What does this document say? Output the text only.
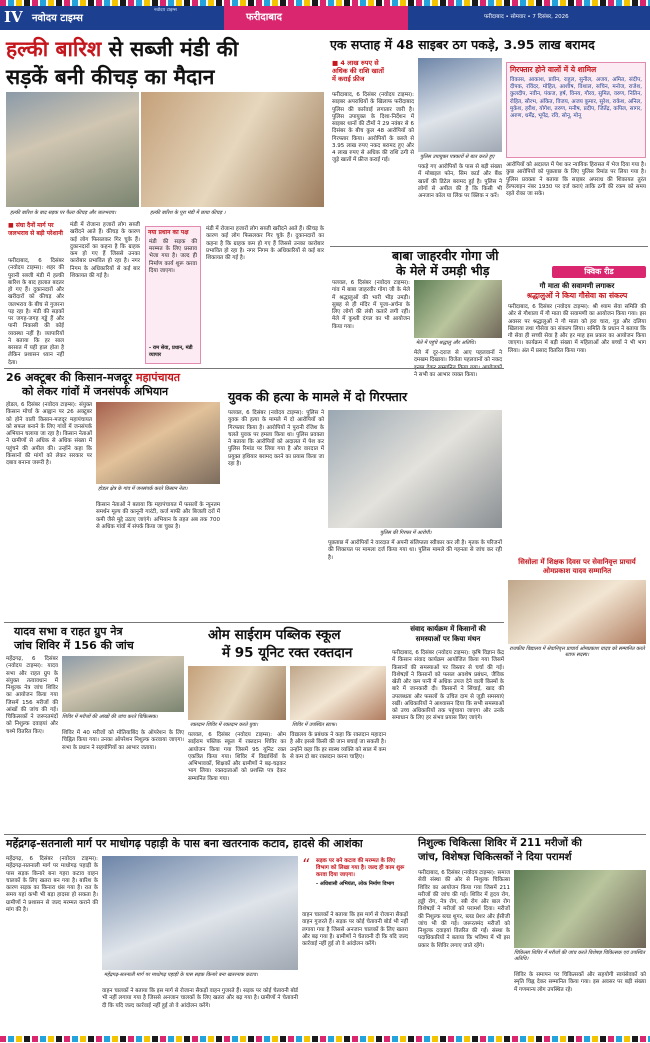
IV नवोदय टाइम्स
नवोदय टाइम्स
फरीदाबाद	फरीदाबाद • सोमवार • 7 दिसंबर, 2026
हल्की बारिश से सब्जी मंडी की
सड़कें बनी कीचड़ का मैदान
हल्की बारिश के बाद सड़क पर फैला कीचड़ और जलभराव।	हल्की बारिश के पूरा मंडी में छाया कीचड़ ।
■ संघा दैनों मार्ग पर जलभराव से बड़ी परेशानी
फरीदाबाद, 6 दिसंबर (नवोदय टाइम्स): शहर की पुरानी सब्जी मंडी में हल्की बारिश के बाद हालात बदतर हो गए हैं। दुकानदारों और खरीदारों को कीचड़ और जलभराव के बीच से गुजरना पड़ रहा है। मंडी की सड़कों पर जगह-जगह गड्ढे हैं और पानी निकासी की कोई व्यवस्था नहीं है। व्यापारियों ने बताया कि हर साल बरसात में यही हाल होता है लेकिन प्रशासन ध्यान नहीं देता।
मंडी में रोजाना हजारों लोग सब्जी खरीदने आते हैं। कीचड़ के कारण कई लोग फिसलकर गिर चुके हैं। दुकानदारों का कहना है कि ग्राहक कम हो गए हैं जिससे उनका कारोबार प्रभावित हो रहा है। नगर निगम के अधिकारियों से कई बार शिकायत की गई है।
नया प्रधान का पक्ष
मंडी की सड़क की मरम्मत के लिए प्रस्ताव भेजा गया है। जल्द ही निर्माण कार्य शुरू करवा दिया जाएगा।
- राम सेवा, प्रधान, मंडी व्यापार
मंडी में रोजाना हजारों लोग सब्जी खरीदने आते हैं। कीचड़ के कारण कई लोग फिसलकर गिर चुके हैं। दुकानदारों का कहना है कि ग्राहक कम हो गए हैं जिससे उनका कारोबार प्रभावित हो रहा है। नगर निगम के अधिकारियों से कई बार शिकायत की गई है।
एक सप्ताह में 48 साइबर ठग पकड़े, 3.95 लाख बरामद
■ 4 लाख रुपए से
अधिक की राशि खातों
में कराई फ्रीज
फरीदाबाद, 6 दिसंबर (नवोदय टाइम्स): साइबर अपराधियों के खिलाफ फरीदाबाद पुलिस की कार्रवाई लगातार जारी है। पुलिस उपायुक्त के दिशा-निर्देशन में साइबर थानों की टीमों ने 29 नवंबर से 6 दिसंबर के बीच कुल 48 आरोपियों को गिरफ्तार किया। आरोपियों के कब्जे से 3.95 लाख रुपए नकद बरामद हुए और 4 लाख रुपए से अधिक की राशि ठगी से जुड़े खातों में फ्रीज कराई गई।
पुलिस उपायुक्त पत्रकारों से बात करते हुए
पकड़े गए आरोपियों के पास से बड़ी संख्या में मोबाइल फोन, सिम कार्ड और बैंक खातों की डिटेल बरामद हुई है। पुलिस ने लोगों से अपील की है कि किसी भी अनजान कॉल या लिंक पर क्लिक न करें।
गिरफ्तार होने वालों में ये शामिल
विकास, आकाश, प्रवीन, राहुल, सुनील, अजय, अमित, संदीप, दीपक, रविंदर, मोहित, आशीष, विशाल, सचिन, मनोज, राजेश, कुलदीप, नवीन, पंकज, हर्ष, विनय, गौरव, सुमित, वरुण, नितिन, रोहित, सौरभ, अंकित, विजय, अजय कुमार, सुरेश, राकेश, अनिल, मुकेश, हरीश, योगेश, तरुण, मनीष, प्रदीप, जितेंद्र, कपिल, सागर, अरुण, धर्मेंद्र, भूपेंद्र, रवि, सोनू, मोनू
आरोपियों को अदालत में पेश कर न्यायिक हिरासत में भेज दिया गया है। कुछ आरोपियों को पूछताछ के लिए पुलिस रिमांड पर लिया गया है। पुलिस प्रवक्ता ने बताया कि साइबर अपराध की शिकायत तुरंत हेल्पलाइन नंबर 1930 पर दर्ज कराएं ताकि ठगी की रकम को समय रहते रोका जा सके।
बाबा जाहरवीर गोगा जी
के मेले में उमड़ी भीड़
पलवल, 6 दिसंबर (नवोदय टाइम्स): गांव में बाबा जाहरवीर गोगा जी के मेले में श्रद्धालुओं की भारी भीड़ उमड़ी। सुबह से ही मंदिर में पूजा-अर्चना के लिए लोगों की लंबी कतारें लगी रहीं। मेले में कुश्ती दंगल का भी आयोजन किया गया।
मेले में पहुंचे श्रद्धालु और अतिथि।
मेले में दूर-दराज से आए पहलवानों ने दमखम दिखाया। विजेता पहलवानों को नकद ने सभी का आभार व्यक्त किया।
क्विक रीड
गौ माता की सवामणी लगाकर
श्रद्धालुओं ने किया गौसेवा का संकल्प
फरीदाबाद, 6 दिसंबर (नवोदय टाइम्स): श्री श्याम सेवा समिति की ओर से गौशाला में गौ माता की सवामणी का आयोजन किया गया। इस अवसर पर श्रद्धालुओं ने गौ माता को हरा चारा, गुड़ और दलिया खिलाया तथा गौसेवा का संकल्प लिया। समिति के प्रधान ने बताया कि गौ सेवा ही सच्ची सेवा है और हर माह इस प्रकार का आयोजन किया जाएगा। कार्यक्रम में बड़ी संख्या में महिलाओं और बच्चों ने भी भाग लिया। अंत में प्रसाद वितरित किया गया।
सिसोला में शिक्षक दिवस पर सेवानिवृत्त प्राचार्य ओमप्रकाश यादव सम्मानित
राजकीय विद्यालय में सेवानिवृत्त प्राचार्य ओमप्रकाश यादव को सम्मानित करते स्टाफ सदस्य।
26 अक्टूबर की किसान-मजदूर महापंचायत
को लेकर गांवों में जनसंपर्क अभियान
होडल, 6 दिसंबर (नवोदय टाइम्स): संयुक्त किसान मोर्चा के आह्वान पर 26 अक्टूबर को होने वाली किसान-मजदूर महापंचायत को सफल बनाने के लिए गांवों में जनसंपर्क अभियान चलाया जा रहा है। किसान नेताओं ने ग्रामीणों से अधिक से अधिक संख्या में पहुंचने की अपील की। उन्होंने कहा कि किसानों की मांगों को लेकर सरकार पर दबाव बनाना जरूरी है।
होडल क्षेत्र के गांव में जनसंपर्क करते किसान नेता।
किसान नेताओं ने बताया कि महापंचायत में फसलों के न्यूनतम समर्थन मूल्य की कानूनी गारंटी, कर्ज माफी और बिजली दरों में कमी जैसे मुद्दे उठाए जाएंगे। अभियान के तहत अब तक 700 से अधिक गांवों में संपर्क किया जा चुका है।
युवक की हत्या के मामले में दो गिरफ्तार
पलवल, 6 दिसंबर (नवोदय टाइम्स): पुलिस ने युवक की हत्या के मामले में दो आरोपियों को गिरफ्तार किया है। आरोपियों ने पुरानी रंजिश के चलते युवक पर हमला किया था। पुलिस प्रवक्ता ने बताया कि आरोपियों को अदालत में पेश कर पुलिस रिमांड पर लिया गया है और वारदात में प्रयुक्त हथियार बरामद करने का प्रयास किया जा रहा है।
पुलिस की गिरफ्त में आरोपी।
पूछताछ में आरोपियों ने वारदात में अपनी संलिप्तता स्वीकार कर ली है। मृतक के परिजनों की शिकायत पर मामला दर्ज किया गया था। पुलिस मामले की गहनता से जांच कर रही है।
यादव सभा व राहत ग्रुप नेत्र
जांच शिविर में 156 की जांच
महेंद्रगढ़, 6 दिसंबर (नवोदय टाइम्स): यादव सभा और राहत ग्रुप के संयुक्त तत्वावधान में निशुल्क नेत्र जांच शिविर का आयोजन किया गया जिसमें 156 मरीजों की आंखों की जांच की गई। चिकित्सकों ने जरूरतमंदों को निशुल्क दवाइयां और चश्मे वितरित किए।
शिविर में मरीजों की आंखों की जांच करते चिकित्सक।
शिविर में 40 मरीजों को मोतियाबिंद के ऑपरेशन के लिए चिह्नित किया गया। उनका ऑपरेशन निशुल्क करवाया जाएगा। सभा के प्रधान ने सहयोगियों का आभार जताया।
ओम साईराम पब्लिक स्कूल
में 95 यूनिट रक्त रक्तदान
रक्तदान शिविर में रक्तदान करते युवा।	शिविर में उपस्थित स्टाफ।
पलवल, 6 दिसंबर (नवोदय टाइम्स): ओम साईराम पब्लिक स्कूल में रक्तदान शिविर का आयोजन किया गया जिसमें 95 यूनिट रक्त एकत्रित किया गया। शिविर में विद्यार्थियों के अभिभावकों, शिक्षकों और ग्रामीणों ने बढ़-चढ़कर भाग लिया। रक्तदाताओं को प्रशस्ति पत्र देकर सम्मानित किया गया।
विद्यालय के प्रबंधक ने कहा कि रक्तदान महादान है और इससे किसी की जान बचाई जा सकती है। उन्होंने कहा कि हर स्वस्थ व्यक्ति को साल में कम से कम दो बार रक्तदान करना चाहिए।
संवाद कार्यक्रम में किसानों की
समस्याओं पर किया मंथन
फरीदाबाद, 6 दिसंबर (नवोदय टाइम्स): कृषि विज्ञान केंद्र में किसान संवाद कार्यक्रम आयोजित किया गया जिसमें किसानों की समस्याओं पर विस्तार से चर्चा की गई। विशेषज्ञों ने किसानों को फसल अवशेष प्रबंधन, जैविक खेती और कम पानी में अधिक उपज देने वाली किस्मों के बारे में जानकारी दी। किसानों ने सिंचाई, खाद की उपलब्धता और फसलों के उचित दाम से जुड़ी समस्याएं रखीं। अधिकारियों ने आश्वासन दिया कि सभी समस्याओं को उच्च अधिकारियों तक पहुंचाया जाएगा और उनके समाधान के लिए हर संभव प्रयास किए जाएंगे।
महेंद्रगढ़-सतनाली मार्ग पर माधोगढ़ पहाड़ी के पास बना खतरनाक कटाव, हादसे की आशंका
महेंद्रगढ़, 6 दिसंबर (नवोदय टाइम्स): महेंद्रगढ़-सतनाली मार्ग पर माधोगढ़ पहाड़ी के पास सड़क किनारे बना गहरा कटाव वाहन चालकों के लिए खतरा बन गया है। बारिश के कारण सड़क का किनारा धंस गया है। रात के समय यहां कभी भी बड़ा हादसा हो सकता है। ग्रामीणों ने प्रशासन से जल्द मरम्मत कराने की मांग की है।
महेंद्रगढ़-सतनाली मार्ग पर माधोगढ़ पहाड़ी के पास सड़क किनारे बना खतरनाक कटाव।
“ सड़क पर बने कटाव की मरम्मत के लिए विभाग को लिखा गया है। जल्द ही काम शुरू करवा दिया जाएगा।
- अधिशासी अभियंता, लोक निर्माण विभाग
वाहन चालकों ने बताया कि इस मार्ग से रोजाना सैकड़ों वाहन गुजरते हैं। सड़क पर कोई चेतावनी बोर्ड भी नहीं लगाया गया है जिससे अनजान चालकों के लिए खतरा और बढ़ गया है। ग्रामीणों ने चेतावनी दी कि यदि जल्द कार्रवाई नहीं हुई तो वे आंदोलन करेंगे।
वाहन चालकों ने बताया कि इस मार्ग से रोजाना सैकड़ों वाहन गुजरते हैं। सड़क पर कोई चेतावनी बोर्ड भी नहीं लगाया गया है जिससे अनजान चालकों के लिए खतरा और बढ़ गया है। ग्रामीणों ने चेतावनी दी कि यदि जल्द कार्रवाई नहीं हुई तो वे आंदोलन करेंगे।
निशुल्क चिकित्सा शिविर में 211 मरीजों की
जांच, विशेषज्ञ चिकित्सकों ने दिया परामर्श
फरीदाबाद, 6 दिसंबर (नवोदय टाइम्स): समाज सेवी संस्था की ओर से निशुल्क चिकित्सा शिविर का आयोजन किया गया जिसमें 211 मरीजों की जांच की गई। शिविर में हृदय रोग, हड्डी रोग, नेत्र रोग, स्त्री रोग और बाल रोग विशेषज्ञों ने मरीजों को परामर्श दिया। मरीजों की निशुल्क ब्लड शुगर, ब्लड प्रेशर और ईसीजी जांच भी की गई। जरूरतमंद मरीजों को निशुल्क दवाइयां वितरित की गईं। संस्था के पदाधिकारियों ने बताया कि भविष्य में भी इस प्रकार के शिविर लगाए जाते रहेंगे।
चिकित्सा शिविर में मरीजों की जांच करते विशेषज्ञ चिकित्सक एवं उपस्थित अतिथि।
शिविर के समापन पर चिकित्सकों और सहयोगी स्वयंसेवकों को स्मृति चिह्न देकर सम्मानित किया गया। इस अवसर पर बड़ी संख्या में गणमान्य लोग उपस्थित रहे।
